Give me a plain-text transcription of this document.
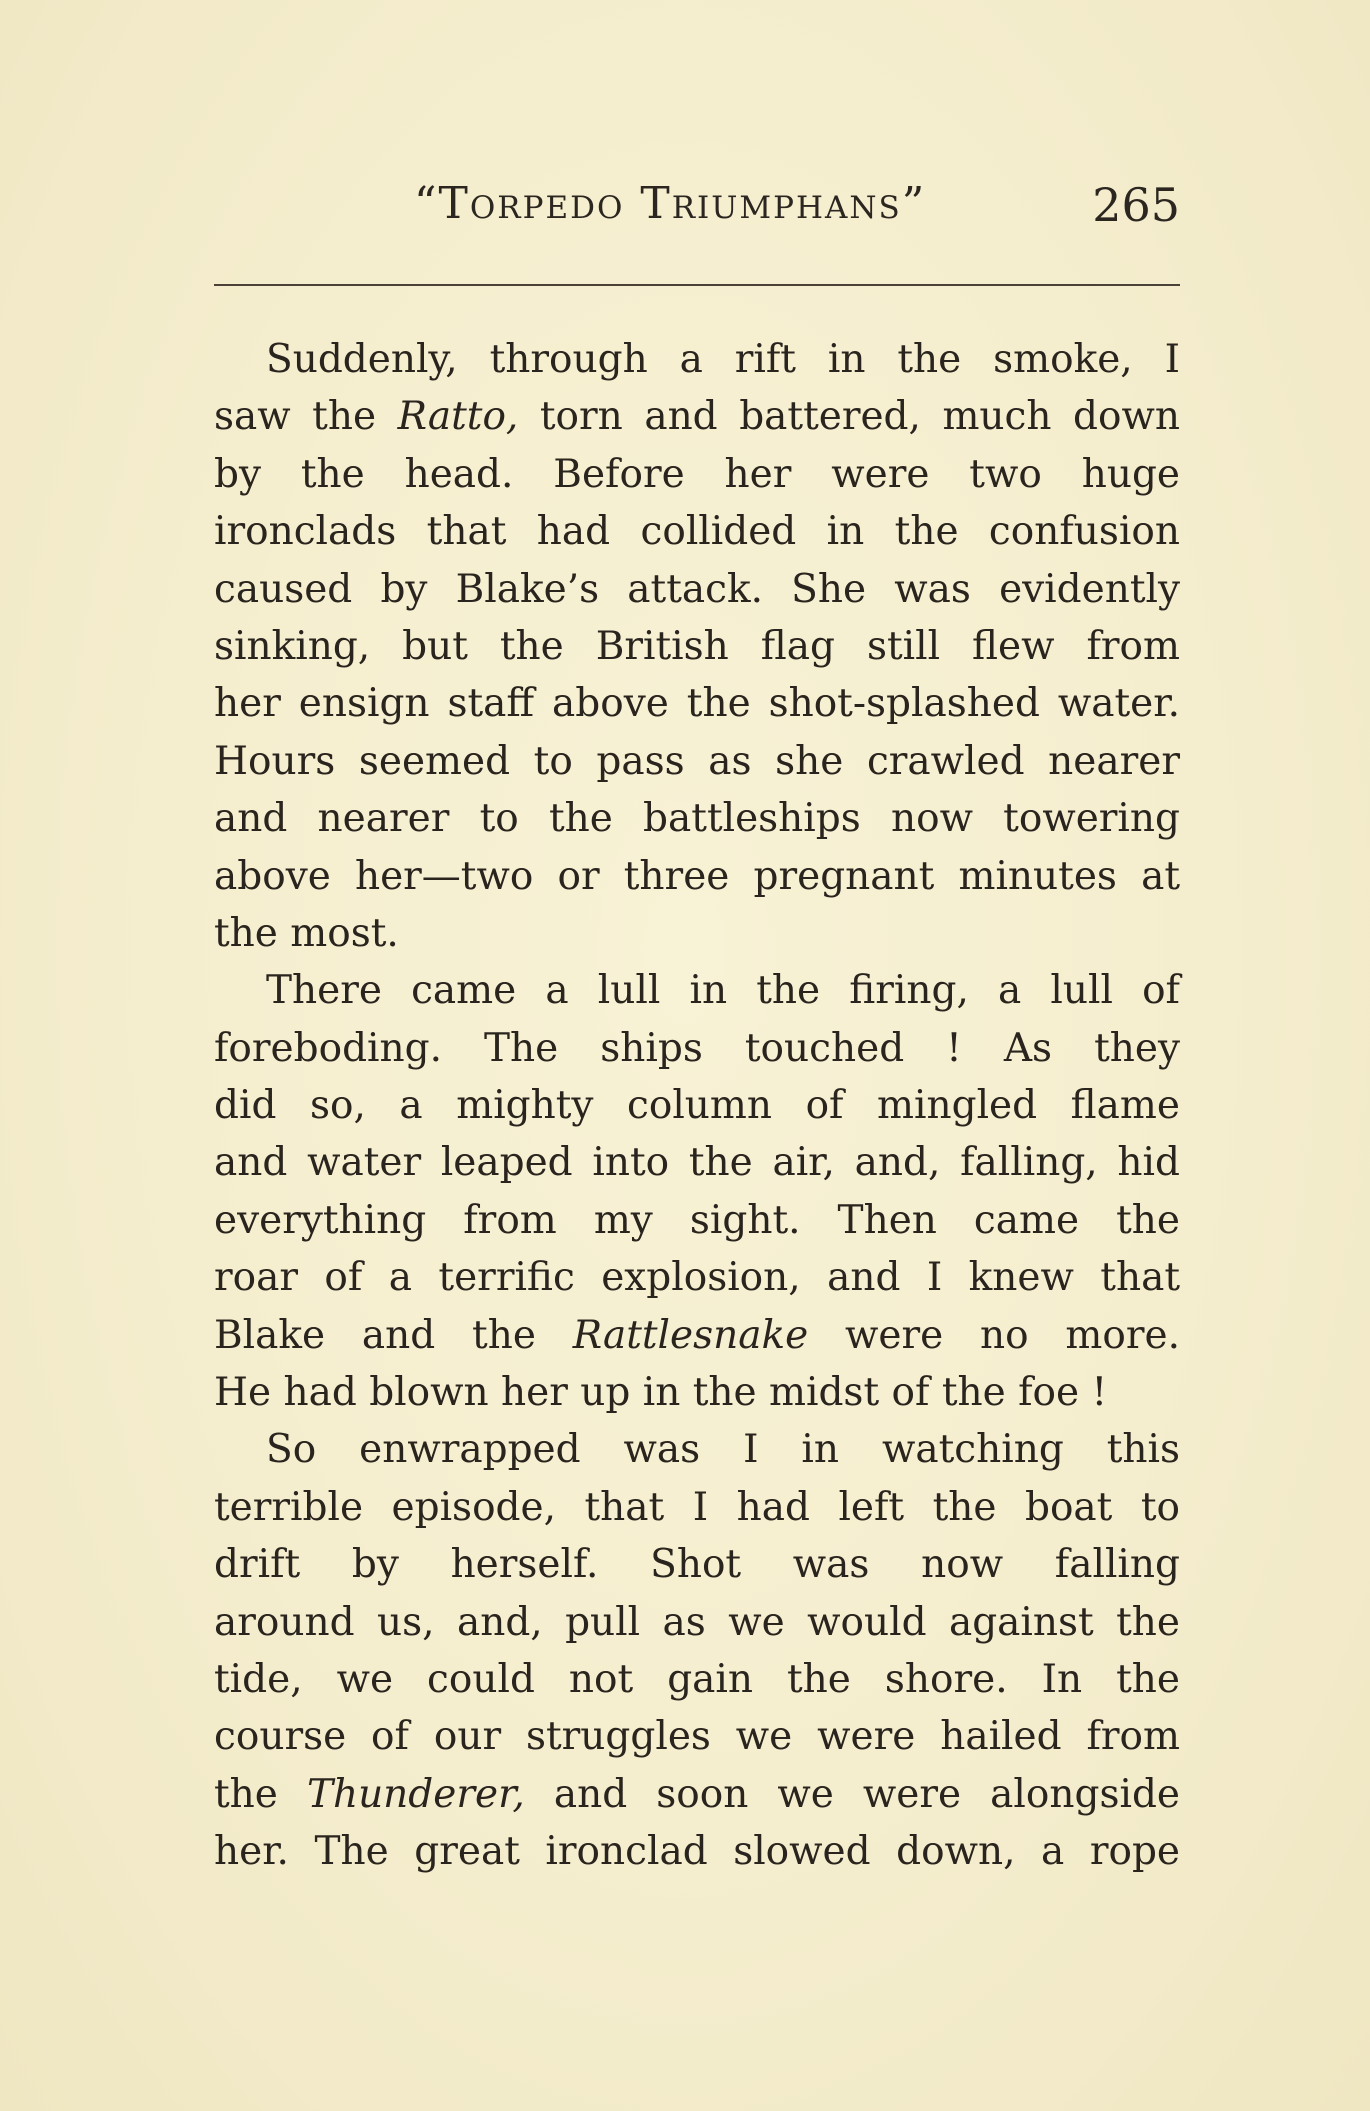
“Torpedo Triumphans”	265
Suddenly, through a rift in the smoke, I
saw the Ratto, torn and battered, much down
by the head. Before her were two huge
ironclads that had collided in the confusion
caused by Blake’s attack. She was evidently
sinking, but the British flag still flew from
her ensign staff above the shot-splashed water.
Hours seemed to pass as she crawled nearer
and nearer to the battleships now towering
above her—two or three pregnant minutes at
the most.
There came a lull in the firing, a lull of
foreboding. The ships touched ! As they
did so, a mighty column of mingled flame
and water leaped into the air, and, falling, hid
everything from my sight. Then came the
roar of a terrific explosion, and I knew that
Blake and the Rattlesnake were no more.
He had blown her up in the midst of the foe !
So enwrapped was I in watching this
terrible episode, that I had left the boat to
drift by herself. Shot was now falling
around us, and, pull as we would against the
tide, we could not gain the shore. In the
course of our struggles we were hailed from
the Thunderer, and soon we were alongside
her. The great ironclad slowed down, a rope
